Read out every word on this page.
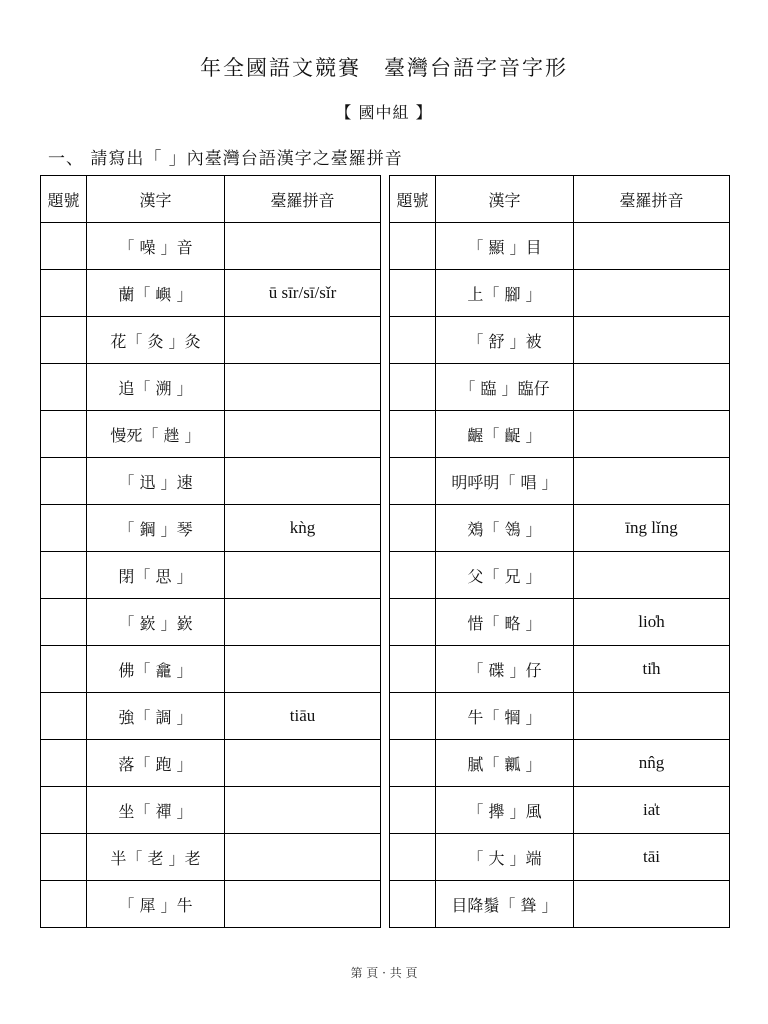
年全國語文競賽　臺灣台語字音字形
【 國中組 】
一、 請寫出「 」內臺灣台語漢字之臺羅拼音
題號	漢字	臺羅拼音
	「 噪 」音	
	蘭「 嶼 」	ū sīr/sī/sǐr
	花「 灸 」灸	
	追「 溯 」	
	慢死「 趖 」	
	「 迅 」速	
	「 鋼 」琴	kǹg
	閉「 思 」	
	「 嶔 」嶔	
	佛「 龕 」	
	強「 調 」	tiāu
	落「 跑 」	
	坐「 禪 」	
	半「 老 」老	
	「 犀 」牛	
題號	漢字	臺羅拼音
	「 顯 」目	
	上「 腳 」	
	「 舒 」被	
	「 臨 」臨仔	
	齷「 齪 」	
	明呼明「 唱 」	
	鵁「 鴒 」	īng lǐng
	父「 兄 」	
	惜「 略 」	lio̍h
	「 碟 」仔	ti̍h
	牛「 犅 」	
	膩「 瓤 」	nn̂g
	「 攑 」風	ia̍t
	「 大 」端	tāi
	目降鬚「 聳 」	
第 頁 · 共 頁
